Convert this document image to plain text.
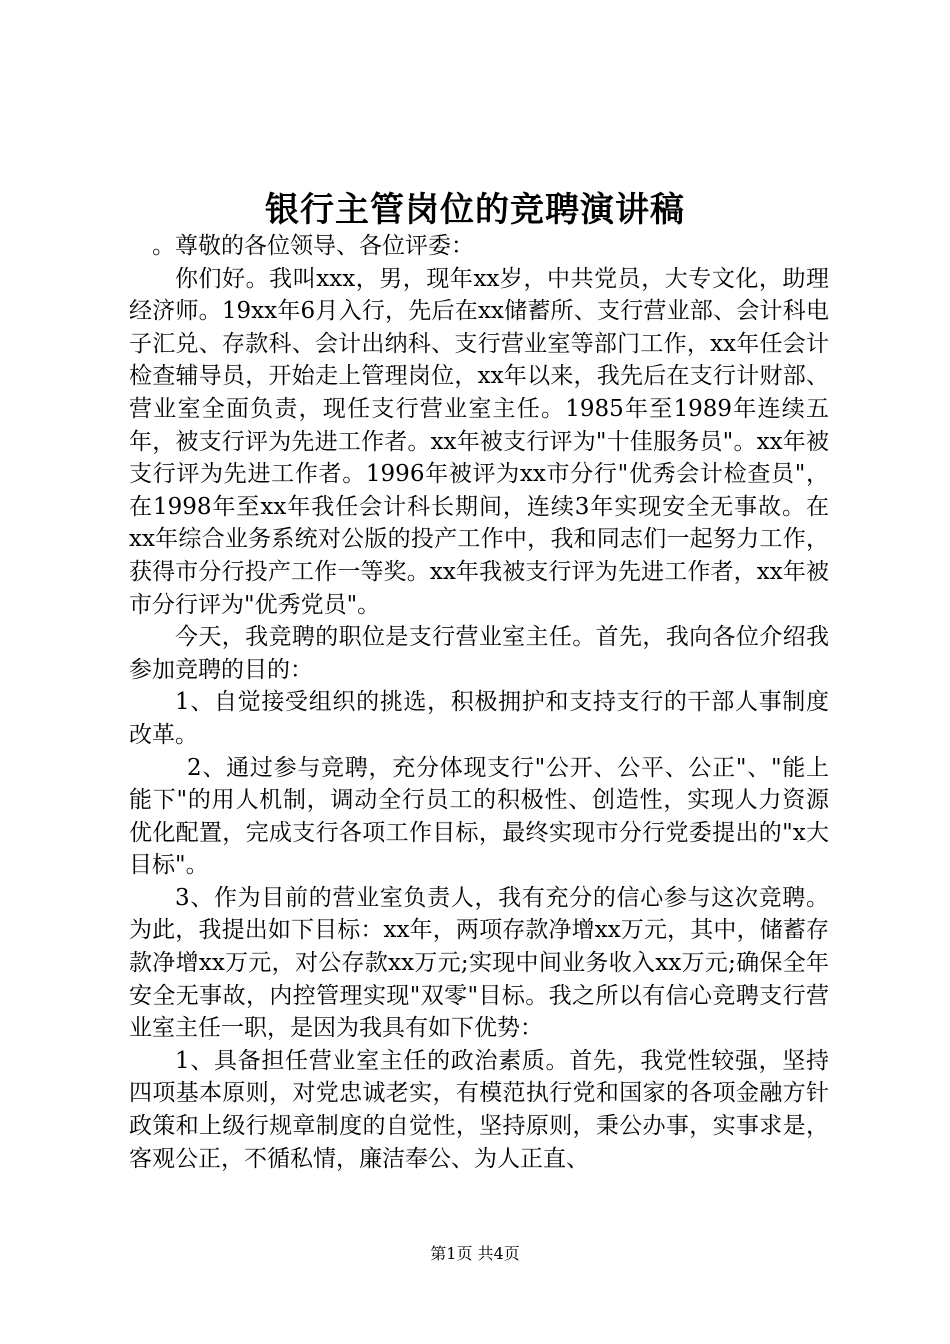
银行主管岗位的竞聘演讲稿

。尊敬的各位领导、各位评委：

你们好。我叫xxx，男，现年xx岁，中共党员，大专文化，助理经济师。19xx年6月入行，先后在xx储蓄所、支行营业部、会计科电子汇兑、存款科、会计出纳科、支行营业室等部门工作，xx年任会计检查辅导员，开始走上管理岗位，xx年以来，我先后在支行计财部、营业室全面负责，现任支行营业室主任。1985年至1989年连续五年，被支行评为先进工作者。xx年被支行评为"十佳服务员"。xx年被支行评为先进工作者。1996年被评为xx市分行"优秀会计检查员"，在1998年至xx年我任会计科长期间，连续3年实现安全无事故。在xx年综合业务系统对公版的投产工作中，我和同志们一起努力工作，获得市分行投产工作一等奖。xx年我被支行评为先进工作者，xx年被市分行评为"优秀党员"。

今天，我竞聘的职位是支行营业室主任。首先，我向各位介绍我参加竞聘的目的：

1、自觉接受组织的挑选，积极拥护和支持支行的干部人事制度改革。

2、通过参与竞聘，充分体现支行"公开、公平、公正"、"能上能下"的用人机制，调动全行员工的积极性、创造性，实现人力资源优化配置，完成支行各项工作目标，最终实现市分行党委提出的"x大目标"。

3、作为目前的营业室负责人，我有充分的信心参与这次竞聘。为此，我提出如下目标：xx年，两项存款净增xx万元，其中，储蓄存款净增xx万元，对公存款xx万元;实现中间业务收入xx万元;确保全年安全无事故，内控管理实现"双零"目标。我之所以有信心竞聘支行营业室主任一职，是因为我具有如下优势：

1、具备担任营业室主任的政治素质。首先，我党性较强，坚持四项基本原则，对党忠诚老实，有模范执行党和国家的各项金融方针政策和上级行规章制度的自觉性，坚持原则，秉公办事，实事求是，客观公正，不循私情，廉洁奉公、为人正直、

第1页 共4页
